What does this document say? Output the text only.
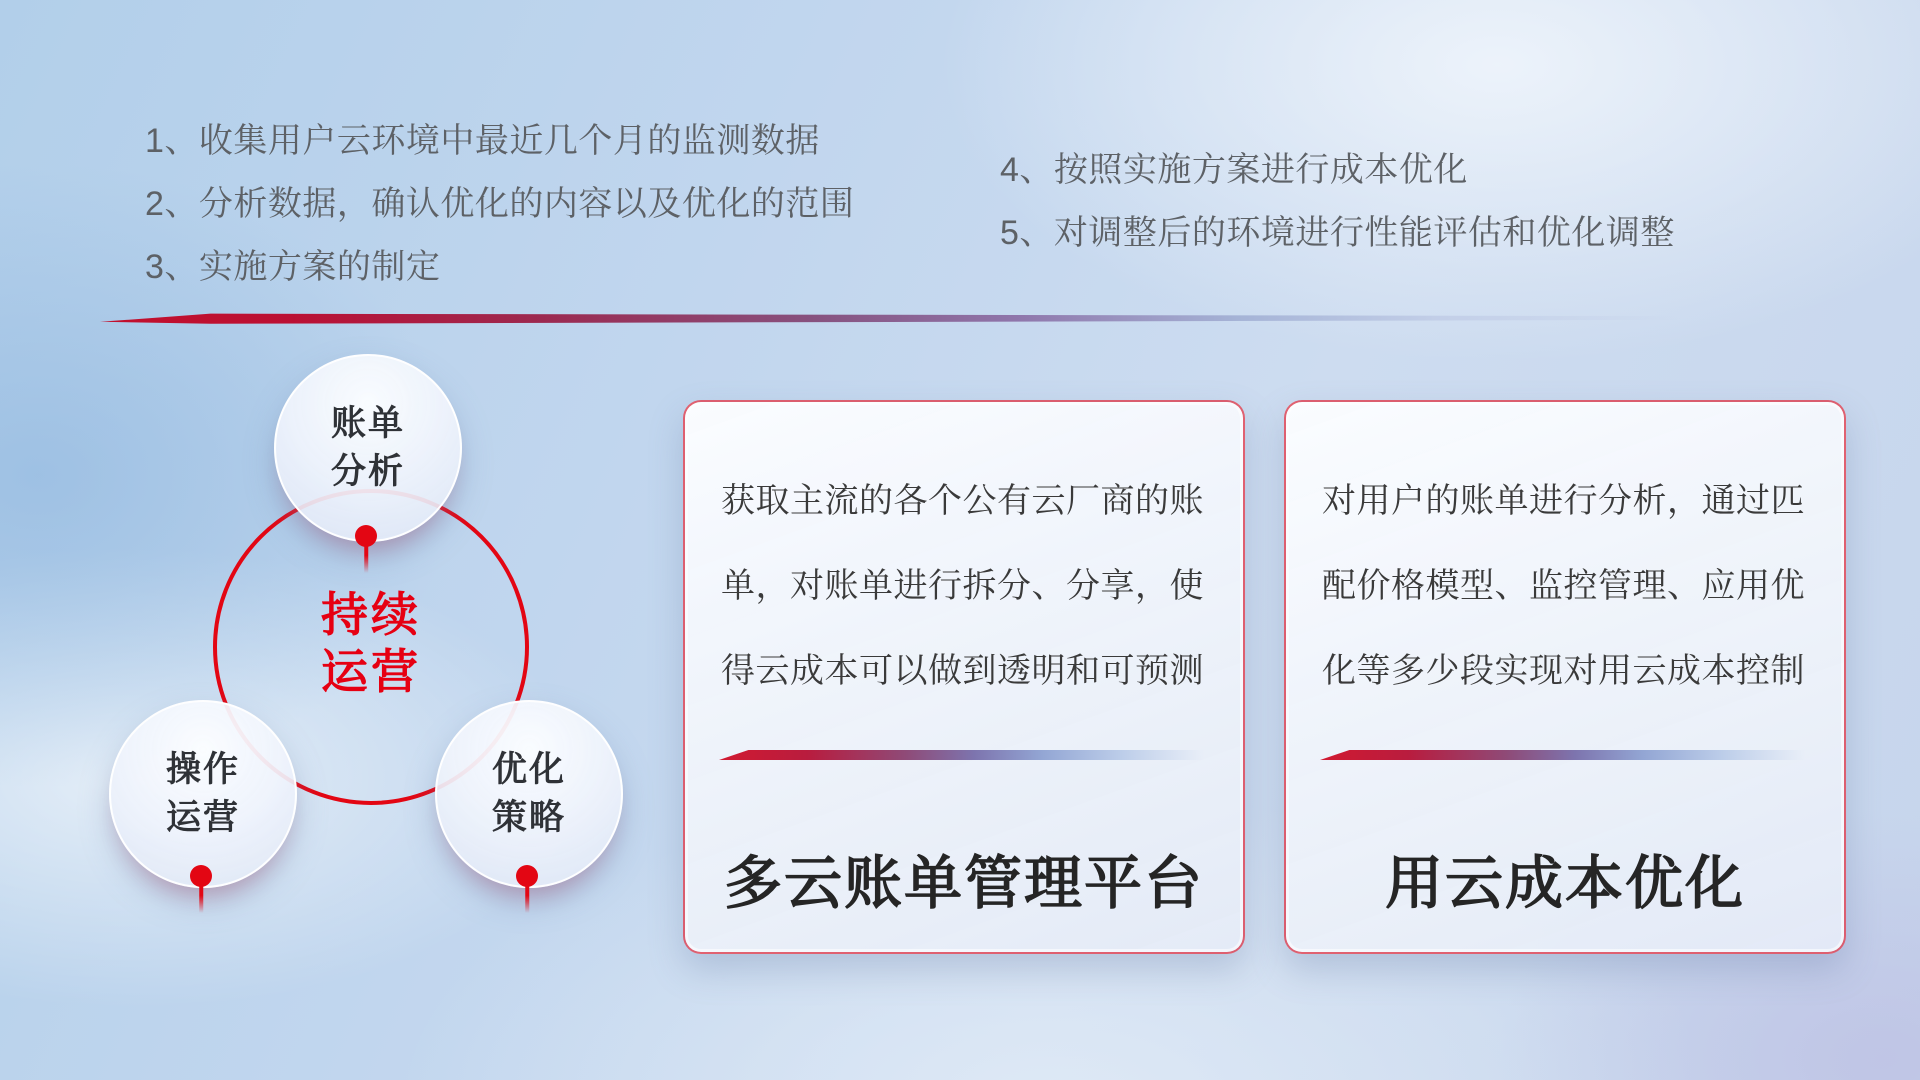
1、收集用户云环境中最近几个月的监测数据
2、分析数据，确认优化的内容以及优化的范围
3、实施方案的制定
4、按照实施方案进行成本优化
5、对调整后的环境进行性能评估和优化调整
账单
分析
操作
运营
优化
策略
持续
运营
获取主流的各个公有云厂商的账
单，对账单进行拆分、分享，使
得云成本可以做到透明和可预测
多云账单管理平台
对用户的账单进行分析，通过匹
配价格模型、监控管理、应用优
化等多少段实现对用云成本控制
用云成本优化
